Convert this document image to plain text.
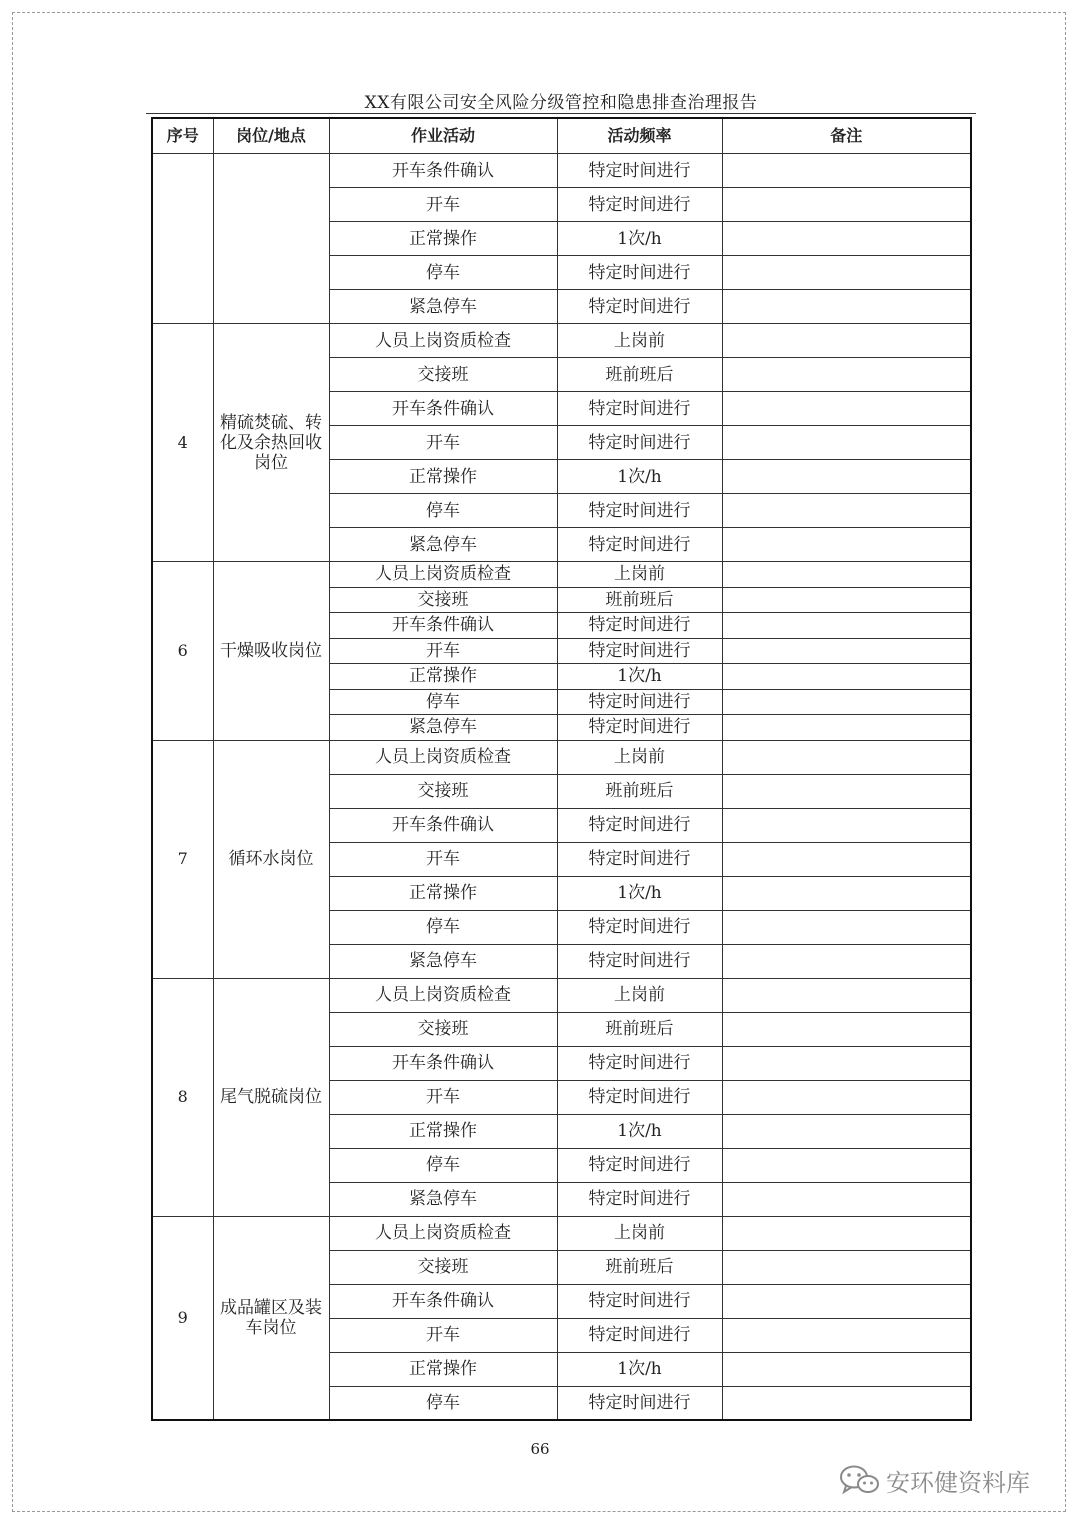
XX有限公司安全风险分级管控和隐患排查治理报告
序号	岗位/地点	作业活动	活动频率	备注
		开车条件确认	特定时间进行	
		开车	特定时间进行	
		正常操作	1次/h	
		停车	特定时间进行	
		紧急停车	特定时间进行	
4	精硫焚硫、转化及余热回收岗位	人员上岗资质检查	上岗前	
		交接班	班前班后	
		开车条件确认	特定时间进行	
		开车	特定时间进行	
		正常操作	1次/h	
		停车	特定时间进行	
		紧急停车	特定时间进行	
6	干燥吸收岗位	人员上岗资质检查	上岗前	
		交接班	班前班后	
		开车条件确认	特定时间进行	
		开车	特定时间进行	
		正常操作	1次/h	
		停车	特定时间进行	
		紧急停车	特定时间进行	
7	循环水岗位	人员上岗资质检查	上岗前	
		交接班	班前班后	
		开车条件确认	特定时间进行	
		开车	特定时间进行	
		正常操作	1次/h	
		停车	特定时间进行	
		紧急停车	特定时间进行	
8	尾气脱硫岗位	人员上岗资质检查	上岗前	
		交接班	班前班后	
		开车条件确认	特定时间进行	
		开车	特定时间进行	
		正常操作	1次/h	
		停车	特定时间进行	
		紧急停车	特定时间进行	
9	成品罐区及装车岗位	人员上岗资质检查	上岗前	
		交接班	班前班后	
		开车条件确认	特定时间进行	
		开车	特定时间进行	
		正常操作	1次/h	
		停车	特定时间进行	
66
安环健资料库
